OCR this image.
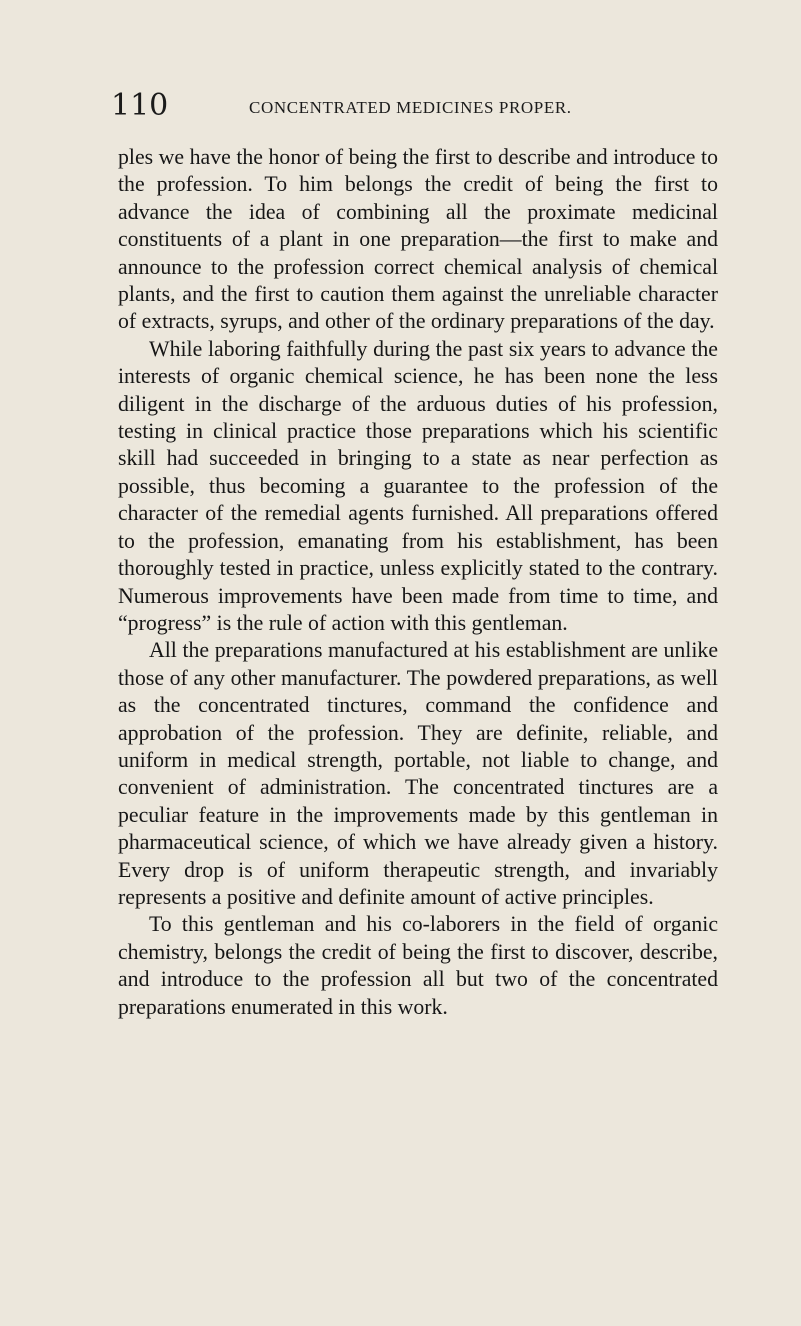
110	CONCENTRATED MEDICINES PROPER.

ples we have the honor of being the first to describe and introduce to the profession. To him belongs the credit of being the first to advance the idea of combining all the proximate medicinal constituents of a plant in one preparation—the first to make and announce to the profession correct chemical analysis of chemical plants, and the first to caution them against the unreliable character of extracts, syrups, and other of the ordinary preparations of the day.

While laboring faithfully during the past six years to advance the interests of organic chemical science, he has been none the less diligent in the discharge of the arduous duties of his profession, testing in clinical practice those preparations which his scientific skill had succeeded in bringing to a state as near perfection as possible, thus becoming a guarantee to the profession of the character of the remedial agents furnished. All preparations offered to the profession, emanating from his establishment, has been thoroughly tested in practice, unless explicitly stated to the contrary. Numerous improvements have been made from time to time, and “progress” is the rule of action with this gentleman.

All the preparations manufactured at his establishment are unlike those of any other manufacturer. The powdered preparations, as well as the concentrated tinctures, command the confidence and approbation of the profession. They are definite, reliable, and uniform in medical strength, portable, not liable to change, and convenient of administration. The concentrated tinctures are a peculiar feature in the improvements made by this gentleman in pharmaceutical science, of which we have already given a history. Every drop is of uniform therapeutic strength, and invariably represents a positive and definite amount of active principles.

To this gentleman and his co-laborers in the field of organic chemistry, belongs the credit of being the first to discover, describe, and introduce to the profession all but two of the concentrated preparations enumerated in this work.
